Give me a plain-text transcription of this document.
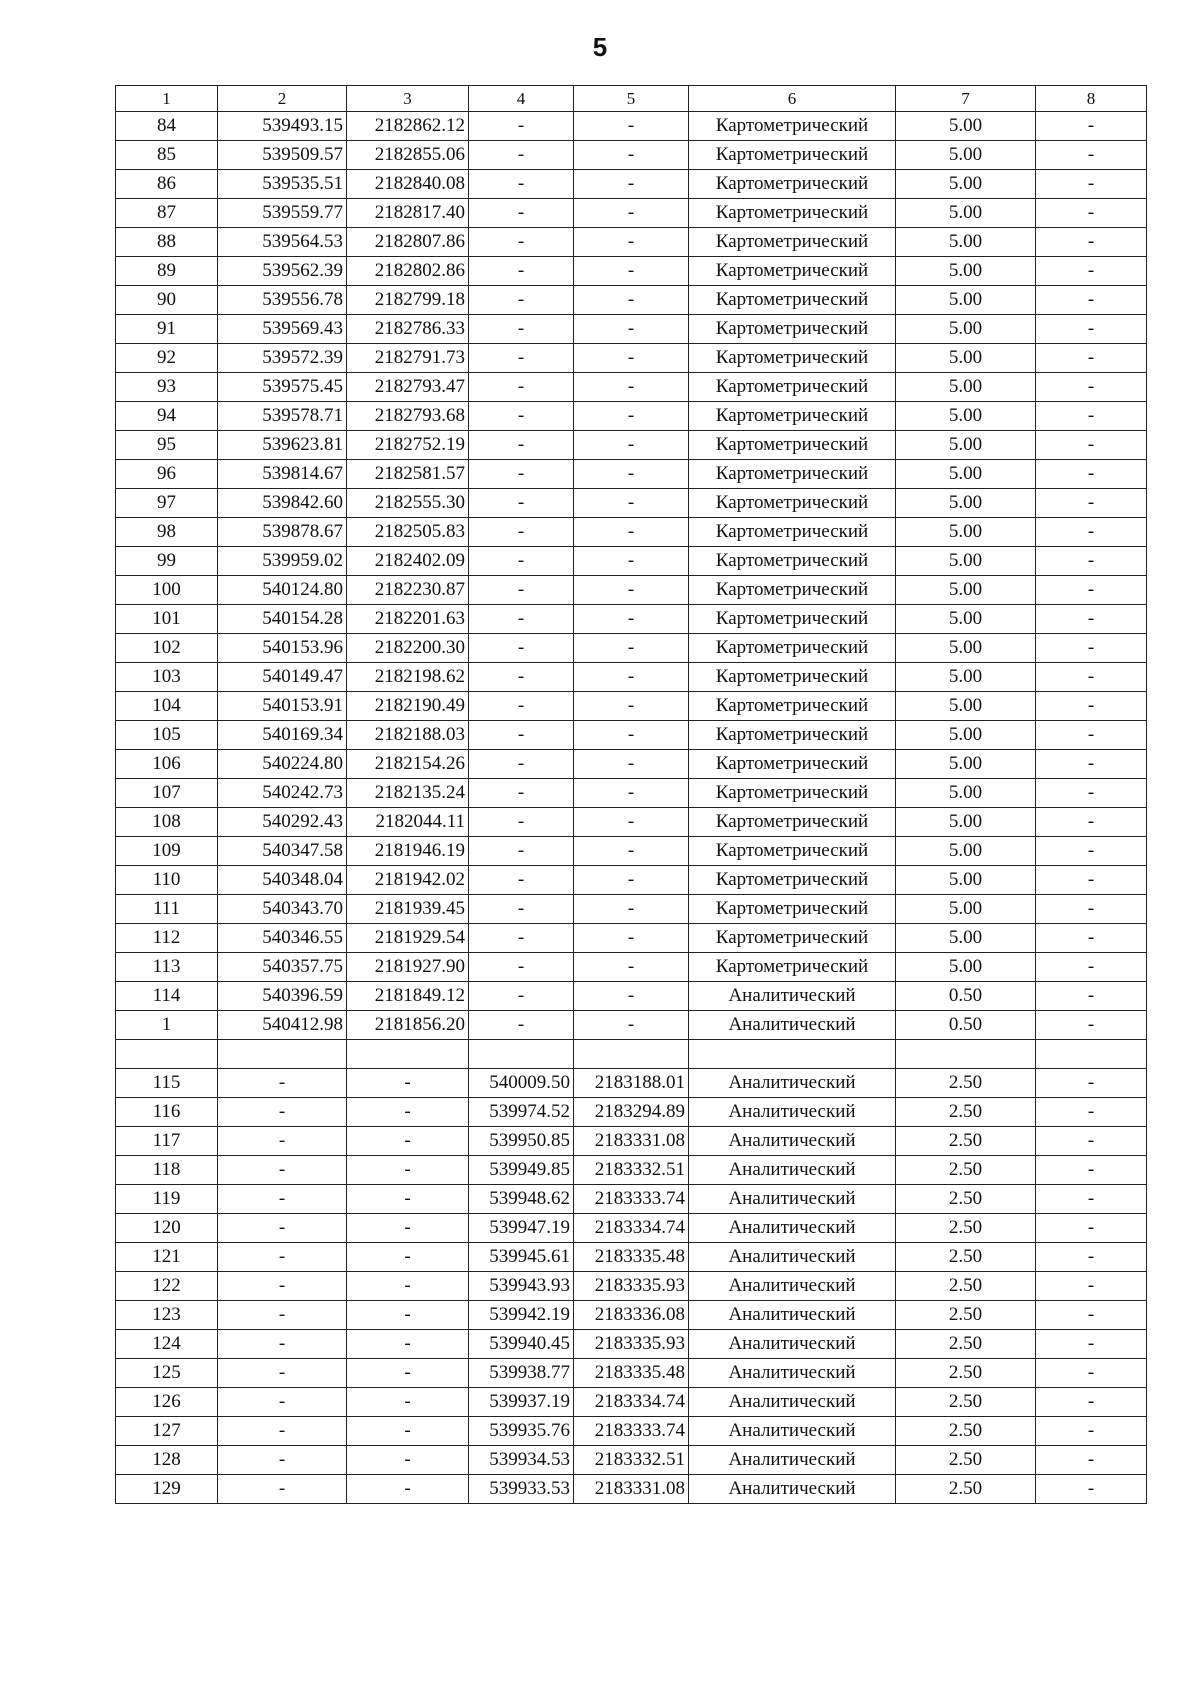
5
1	2	3	4	5	6	7	8
84	539493.15	2182862.12	-	-	Картометрический	5.00	-
85	539509.57	2182855.06	-	-	Картометрический	5.00	-
86	539535.51	2182840.08	-	-	Картометрический	5.00	-
87	539559.77	2182817.40	-	-	Картометрический	5.00	-
88	539564.53	2182807.86	-	-	Картометрический	5.00	-
89	539562.39	2182802.86	-	-	Картометрический	5.00	-
90	539556.78	2182799.18	-	-	Картометрический	5.00	-
91	539569.43	2182786.33	-	-	Картометрический	5.00	-
92	539572.39	2182791.73	-	-	Картометрический	5.00	-
93	539575.45	2182793.47	-	-	Картометрический	5.00	-
94	539578.71	2182793.68	-	-	Картометрический	5.00	-
95	539623.81	2182752.19	-	-	Картометрический	5.00	-
96	539814.67	2182581.57	-	-	Картометрический	5.00	-
97	539842.60	2182555.30	-	-	Картометрический	5.00	-
98	539878.67	2182505.83	-	-	Картометрический	5.00	-
99	539959.02	2182402.09	-	-	Картометрический	5.00	-
100	540124.80	2182230.87	-	-	Картометрический	5.00	-
101	540154.28	2182201.63	-	-	Картометрический	5.00	-
102	540153.96	2182200.30	-	-	Картометрический	5.00	-
103	540149.47	2182198.62	-	-	Картометрический	5.00	-
104	540153.91	2182190.49	-	-	Картометрический	5.00	-
105	540169.34	2182188.03	-	-	Картометрический	5.00	-
106	540224.80	2182154.26	-	-	Картометрический	5.00	-
107	540242.73	2182135.24	-	-	Картометрический	5.00	-
108	540292.43	2182044.11	-	-	Картометрический	5.00	-
109	540347.58	2181946.19	-	-	Картометрический	5.00	-
110	540348.04	2181942.02	-	-	Картометрический	5.00	-
111	540343.70	2181939.45	-	-	Картометрический	5.00	-
112	540346.55	2181929.54	-	-	Картометрический	5.00	-
113	540357.75	2181927.90	-	-	Картометрический	5.00	-
114	540396.59	2181849.12	-	-	Аналитический	0.50	-
1	540412.98	2181856.20	-	-	Аналитический	0.50	-

115	-	-	540009.50	2183188.01	Аналитический	2.50	-
116	-	-	539974.52	2183294.89	Аналитический	2.50	-
117	-	-	539950.85	2183331.08	Аналитический	2.50	-
118	-	-	539949.85	2183332.51	Аналитический	2.50	-
119	-	-	539948.62	2183333.74	Аналитический	2.50	-
120	-	-	539947.19	2183334.74	Аналитический	2.50	-
121	-	-	539945.61	2183335.48	Аналитический	2.50	-
122	-	-	539943.93	2183335.93	Аналитический	2.50	-
123	-	-	539942.19	2183336.08	Аналитический	2.50	-
124	-	-	539940.45	2183335.93	Аналитический	2.50	-
125	-	-	539938.77	2183335.48	Аналитический	2.50	-
126	-	-	539937.19	2183334.74	Аналитический	2.50	-
127	-	-	539935.76	2183333.74	Аналитический	2.50	-
128	-	-	539934.53	2183332.51	Аналитический	2.50	-
129	-	-	539933.53	2183331.08	Аналитический	2.50	-
